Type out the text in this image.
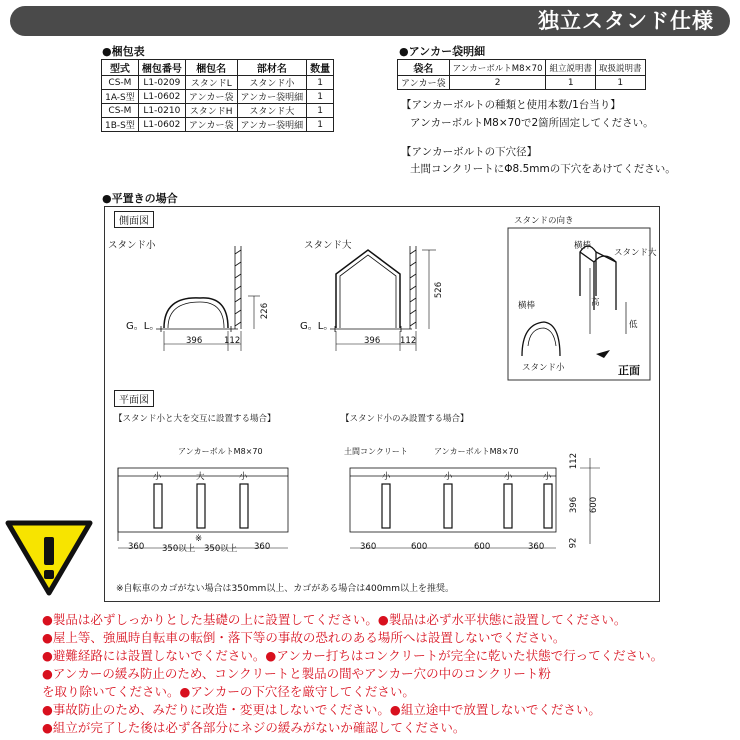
独立スタンド仕様
●梱包表
型式	梱包番号	梱包名	部材名	数量
CS-M	L1-0209	スタンドL	スタンド小	1
1A-S型	L1-0602	アンカー袋	アンカー袋明細	1
CS-M	L1-0210	スタンドH	スタンド大	1
1B-S型	L1-0602	アンカー袋	アンカー袋明細	1
●アンカー袋明細
袋名	アンカーボルトM8×70	組立説明書	取扱説明書
アンカー袋	2	1	1
【アンカーボルトの種類と使用本数/1台当り】
アンカーボルトM8×70で2箇所固定してください。
【アンカーボルトの下穴径】
土間コンクリートにΦ8.5mmの下穴をあけてください。
●平置きの場合
側面図
スタンド小	スタンド大
G。L。	G。L。
396	112
226
396 112
526
スタンドの向き
横棒
スタンド大
高
横棒
低
スタンド小	正面
平面図
【スタンド小と大を交互に設置する場合】	【スタンド小のみ設置する場合】
アンカーボルトM8×70	土間コンクリート	アンカーボルトM8×70
小	大	小	小	小	小	小
360 350以上
※
350以上 360	360	600	600	360
112
396 600
92
※自転車のカゴがない場合は350mm以上、カゴがある場合は400mm以上を推奨。
●製品は必ずしっかりとした基礎の上に設置してください。●製品は必ず水平状態に設置してください。
●屋上等、強風時自転車の転倒・落下等の事故の恐れのある場所へは設置しないでください。
●避難経路には設置しないでください。●アンカー打ちはコンクリートが完全に乾いた状態で行ってください。
●アンカーの緩み防止のため、コンクリートと製品の間やアンカー穴の中のコンクリート粉
を取り除いてください。●アンカーの下穴径を厳守してください。
●事故防止のため、みだりに改造・変更はしないでください。●組立途中で放置しないでください。
●組立が完了した後は必ず各部分にネジの緩みがないか確認してください。
